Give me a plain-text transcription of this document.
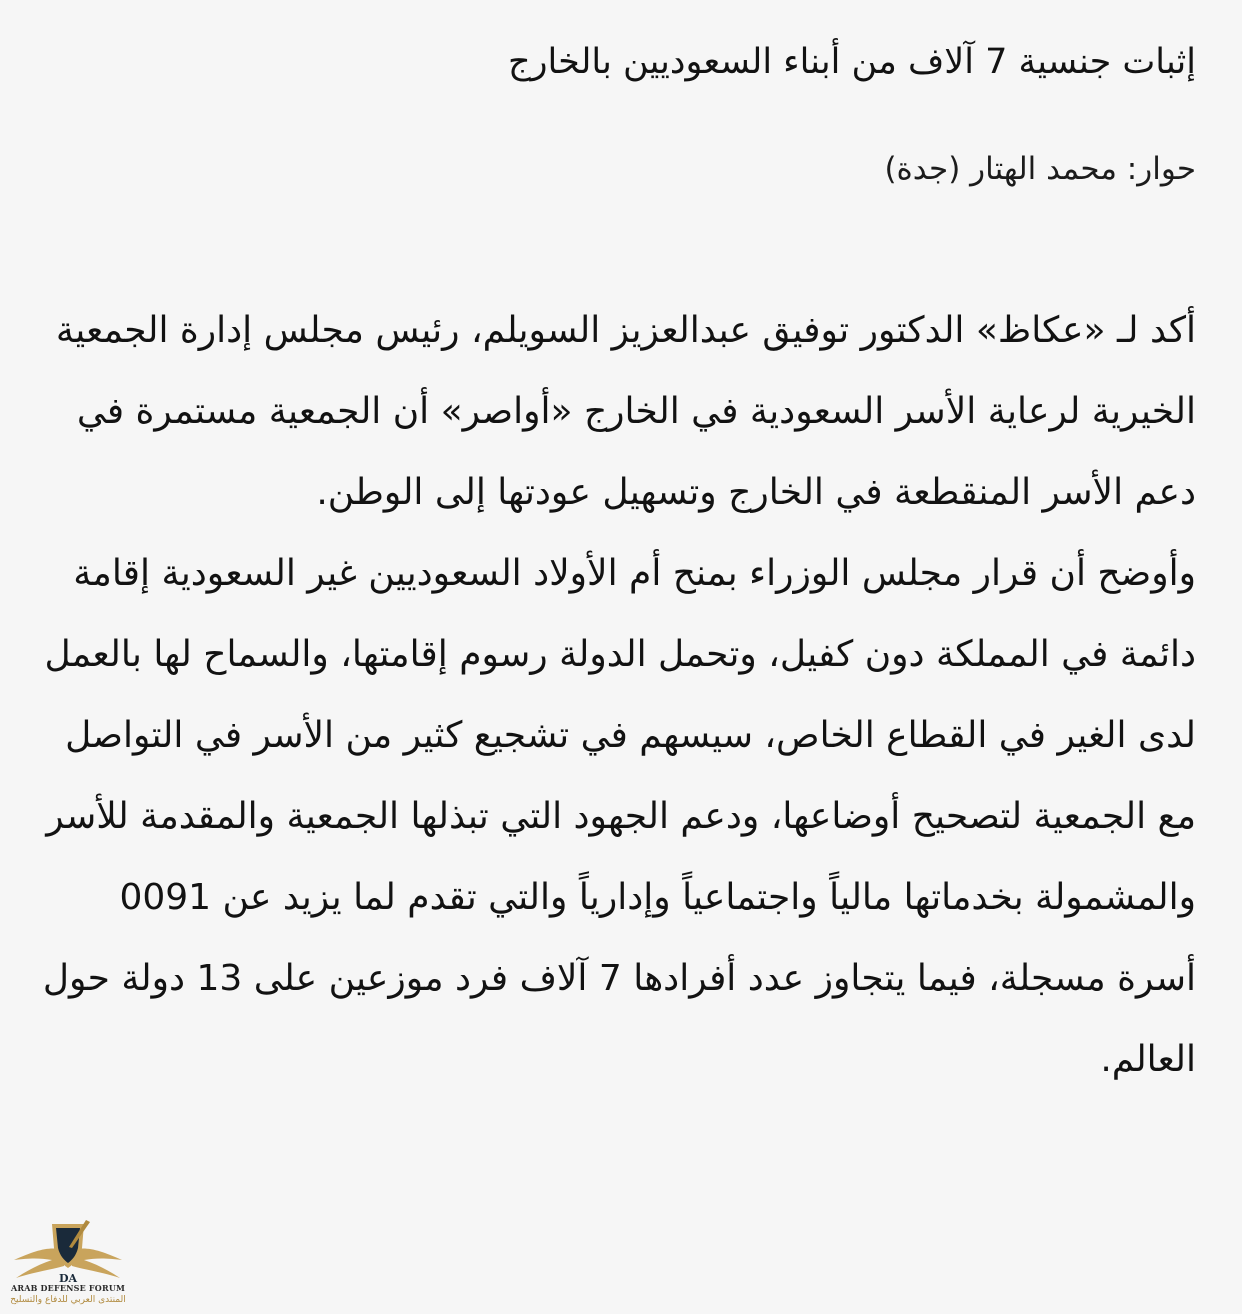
إثبات جنسية 7 آلاف من أبناء السعوديين بالخارج
حوار: محمد الهتار (جدة)

أكد لـ «عكاظ» الدكتور توفيق عبدالعزيز السويلم، رئيس مجلس إدارة الجمعية الخيرية لرعاية الأسر السعودية في الخارج «أواصر» أن الجمعية مستمرة في دعم الأسر المنقطعة في الخارج وتسهيل عودتها إلى الوطن.

وأوضح أن قرار مجلس الوزراء بمنح أم الأولاد السعوديين غير السعودية إقامة دائمة في المملكة دون كفيل، وتحمل الدولة رسوم إقامتها، والسماح لها بالعمل لدى الغير في القطاع الخاص، سيسهم في تشجيع كثير من الأسر في التواصل مع الجمعية لتصحيح أوضاعها، ودعم الجهود التي تبذلها الجمعية والمقدمة للأسر والمشمولة بخدماتها مالياً واجتماعياً وإدارياً والتي تقدم لما يزيد عن 0091 أسرة مسجلة، فيما يتجاوز عدد أفرادها 7 آلاف فرد موزعين على 13 دولة حول العالم.

DA
ARAB DEFENSE FORUM
المنتدى العربي للدفاع والتسليح
